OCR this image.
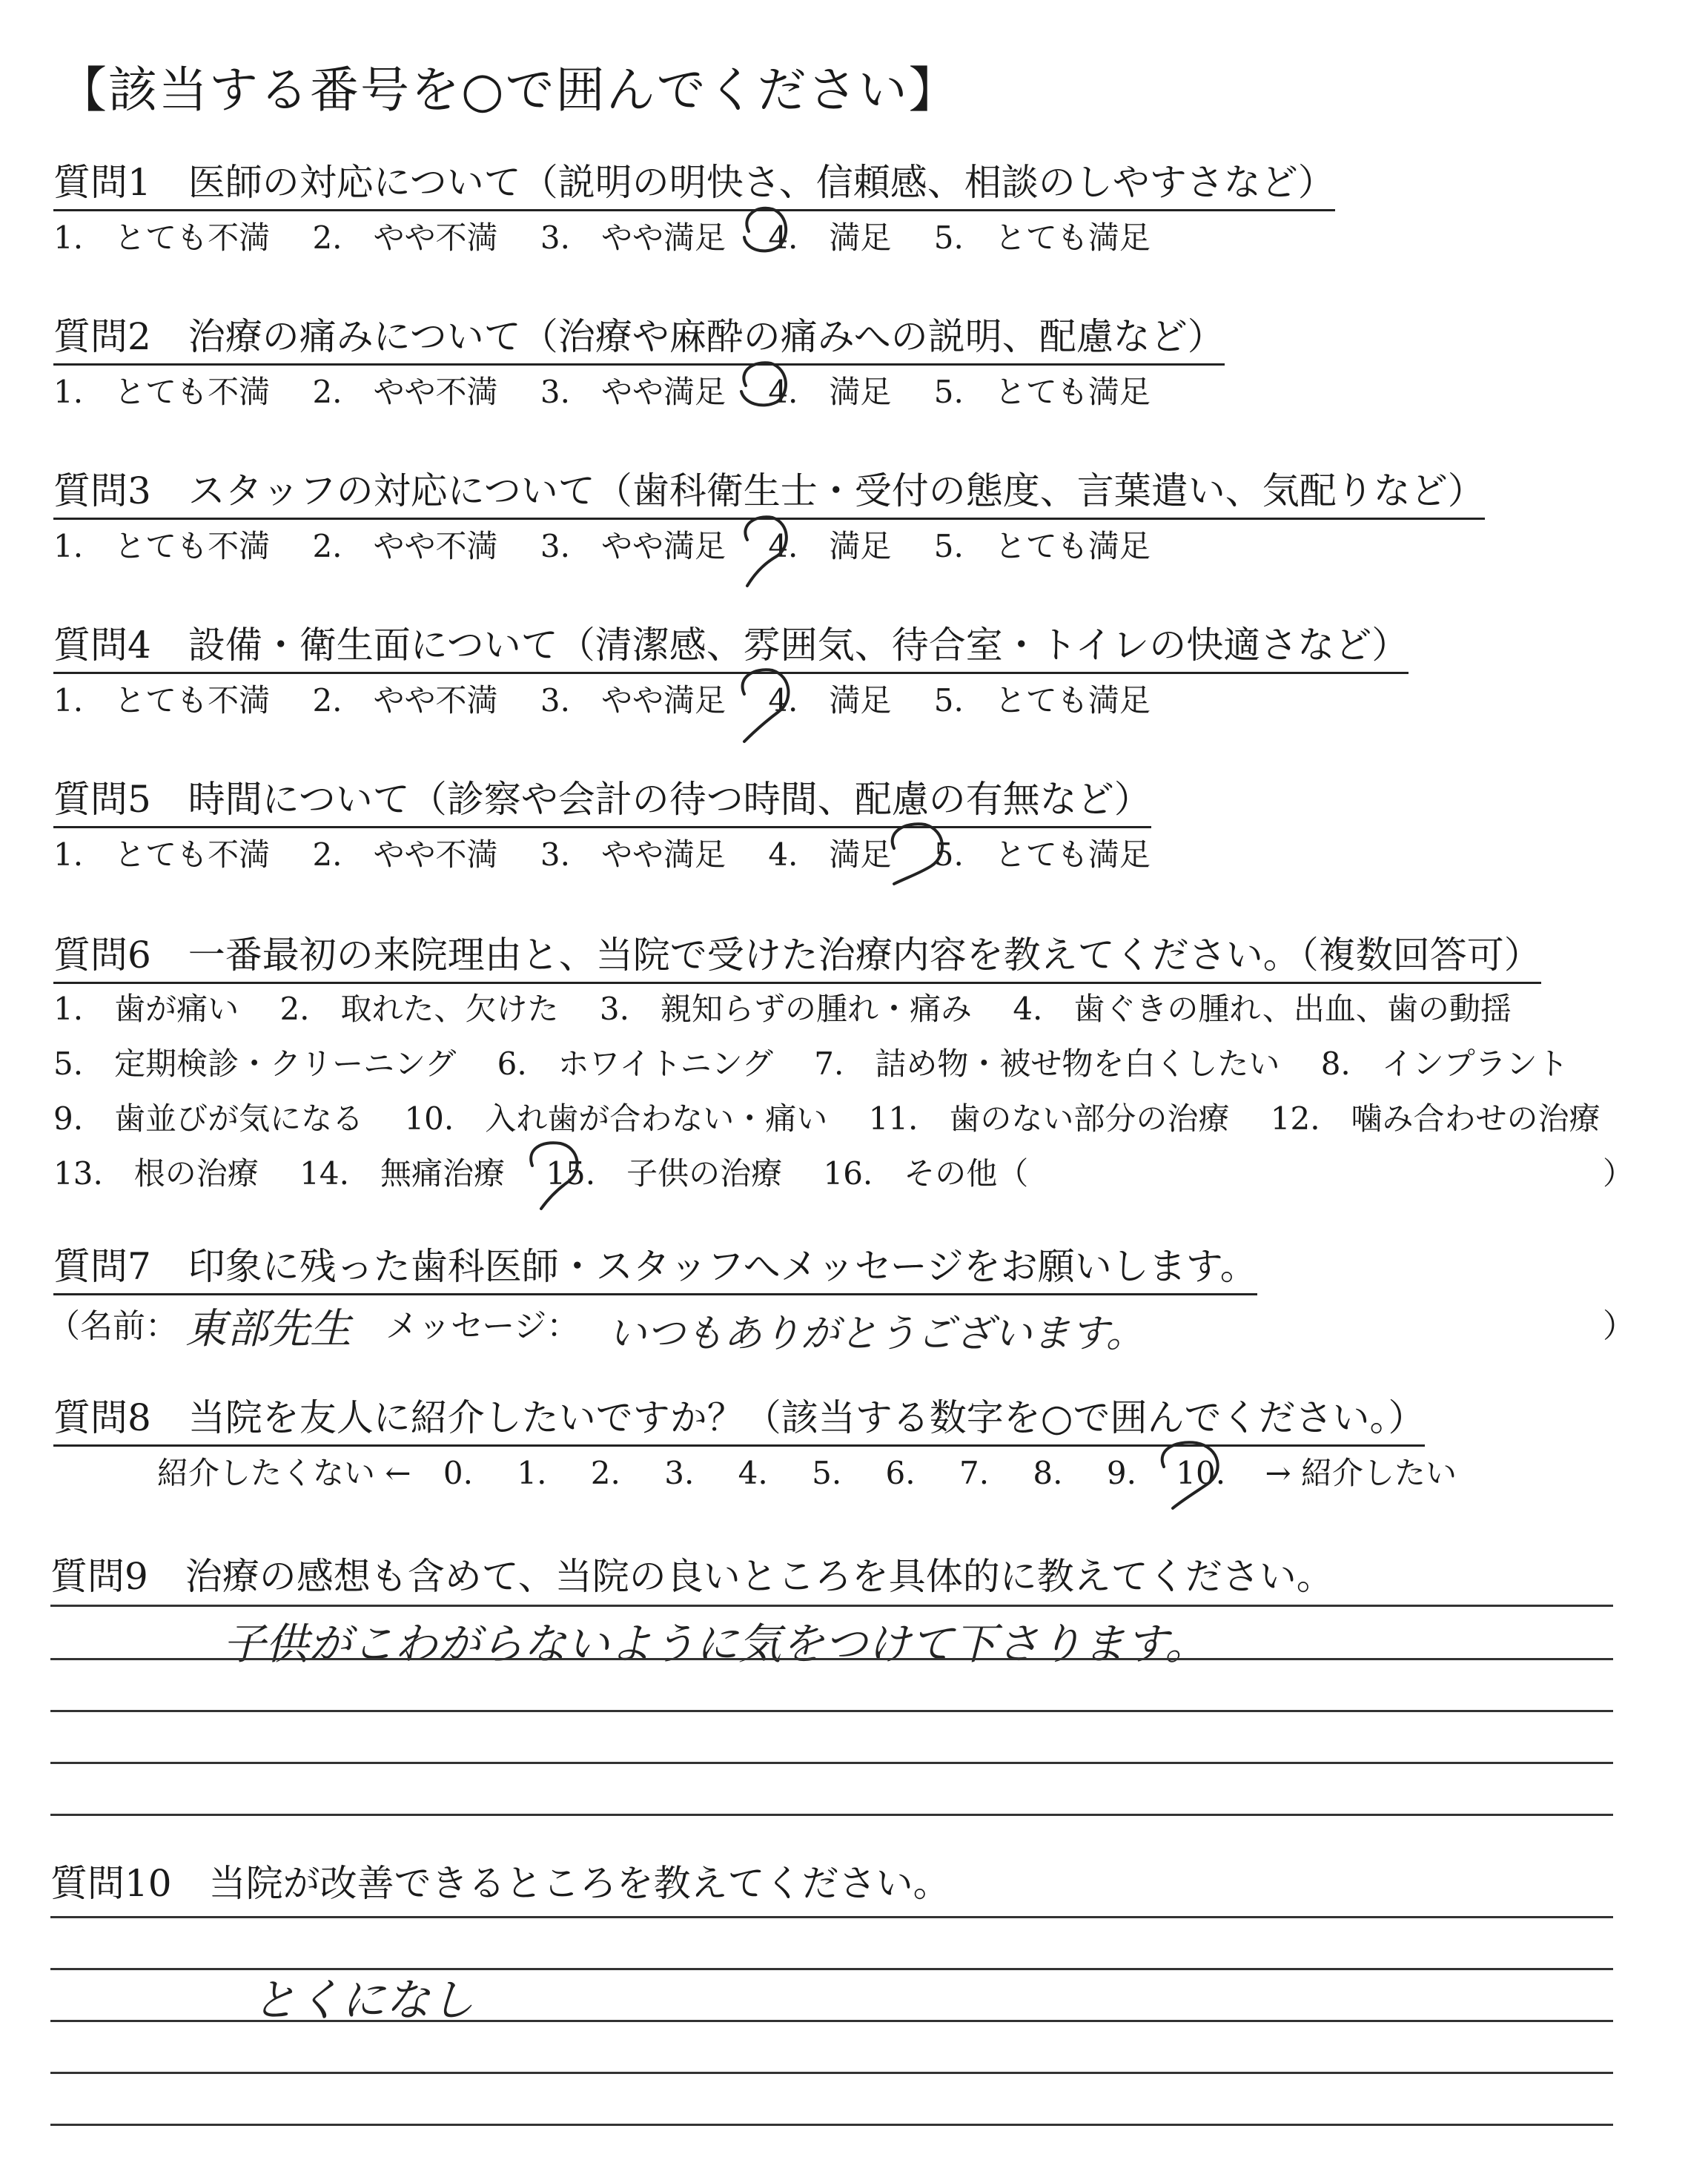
【該当する番号を○で囲んでください】
質問1　医師の対応について（説明の明快さ、信頼感、相談のしやすさなど）
1.　とても不満 2.　やや不満 3.　やや満足 4.　満足 5.　とても満足
質問2　治療の痛みについて（治療や麻酔の痛みへの説明、配慮など）
1.　とても不満 2.　やや不満 3.　やや満足 4.　満足 5.　とても満足
質問3　スタッフの対応について（歯科衛生士・受付の態度、言葉遣い、気配りなど）
1.　とても不満 2.　やや不満 3.　やや満足 4.　満足 5.　とても満足
質問4　設備・衛生面について（清潔感、雰囲気、待合室・トイレの快適さなど）
1.　とても不満 2.　やや不満 3.　やや満足 4.　満足 5.　とても満足
質問5　時間について（診察や会計の待つ時間、配慮の有無など）
1.　とても不満 2.　やや不満 3.　やや満足 4.　満足 5.　とても満足
質問6　一番最初の来院理由と、当院で受けた治療内容を教えてください。（複数回答可）
1.　歯が痛い 2.　取れた、欠けた 3.　親知らずの腫れ・痛み 4.　歯ぐきの腫れ、出血、歯の動揺
5.　定期検診・クリーニング 6.　ホワイトニング 7.　詰め物・被せ物を白くしたい 8.　インプラント
9.　歯並びが気になる 10.　入れ歯が合わない・痛い 11.　歯のない部分の治療 12.　噛み合わせの治療
13.　根の治療 14.　無痛治療 15.　子供の治療 16.　その他（	）
質問7　印象に残った歯科医師・スタッフへメッセージをお願いします。
（名前： 東部先生 メッセージ： いつもありがとうございます。	）
質問8　当院を友人に紹介したいですか？（該当する数字を○で囲んでください。）
紹介したくない ← 0. 1. 2. 3. 4. 5. 6. 7. 8. 9. 10. → 紹介したい
質問9　治療の感想も含めて、当院の良いところを具体的に教えてください。
子供がこわがらないように気をつけて下さります。
質問10　当院が改善できるところを教えてください。
とくになし
